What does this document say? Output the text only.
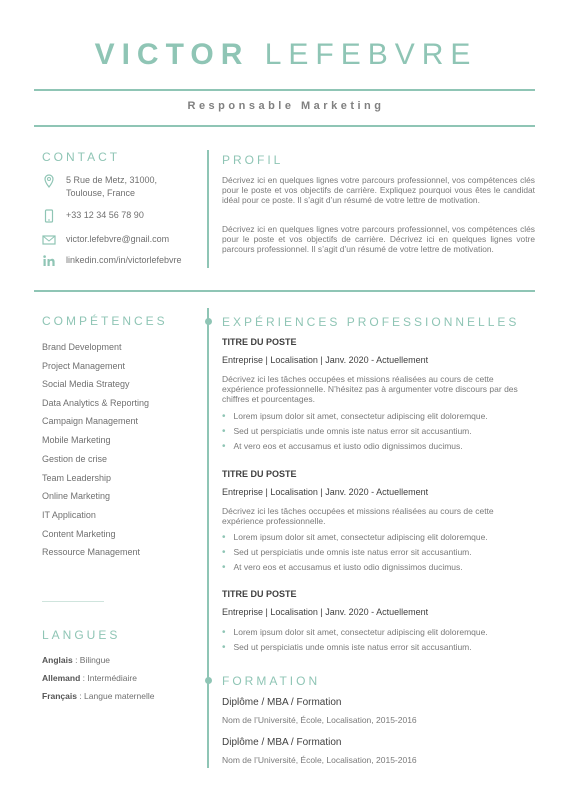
VICTOR LEFEBVRE
Responsable Marketing
CONTACT
5 Rue de Metz, 31000,
Toulouse, France
+33 12 34 56 78 90
victor.lefebvre@gnail.com
linkedin.com/in/victorlefebvre
PROFIL
Décrivez ici en quelques lignes votre parcours professionnel, vos compétences clés pour le poste et vos objectifs de carrière. Expliquez pourquoi vous êtes le candidat idéal pour ce poste. Il s’agit d’un résumé de votre lettre de motivation.
Décrivez ici en quelques lignes votre parcours professionnel, vos compétences clés pour le poste et vos objectifs de carrière. Décrivez ici en quelques lignes votre parcours professionnel. Il s’agit d’un résumé de votre lettre de motivation.
COMPÉTENCES
Brand Development
Project Management
Social Media Strategy
Data Analytics & Reporting
Campaign Management
Mobile Marketing
Gestion de crise
Team Leadership
Online Marketing
IT Application
Content Marketing
Ressource Management
LANGUES
Anglais : Bilingue
Allemand : Intermédiaire
Français : Langue maternelle
EXPÉRIENCES PROFESSIONNELLES
TITRE DU POSTE
Entreprise | Localisation | Janv. 2020 - Actuellement
Décrivez ici les tâches occupées et missions réalisées au cours de cette expérience professionnelle. N’hésitez pas à argumenter votre discours par des chiffres et pourcentages.
• Lorem ipsum dolor sit amet, consectetur adipiscing elit doloremque.
• Sed ut perspiciatis unde omnis iste natus error sit accusantium.
• At vero eos et accusamus et iusto odio dignissimos ducimus.
TITRE DU POSTE
Entreprise | Localisation | Janv. 2020 - Actuellement
Décrivez ici les tâches occupées et missions réalisées au cours de cette expérience professionnelle.
• Lorem ipsum dolor sit amet, consectetur adipiscing elit doloremque.
• Sed ut perspiciatis unde omnis iste natus error sit accusantium.
• At vero eos et accusamus et iusto odio dignissimos ducimus.
TITRE DU POSTE
Entreprise | Localisation | Janv. 2020 - Actuellement
• Lorem ipsum dolor sit amet, consectetur adipiscing elit doloremque.
• Sed ut perspiciatis unde omnis iste natus error sit accusantium.
FORMATION
Diplôme / MBA / Formation
Nom de l’Université, École, Localisation, 2015-2016
Diplôme / MBA / Formation
Nom de l’Université, École, Localisation, 2015-2016
